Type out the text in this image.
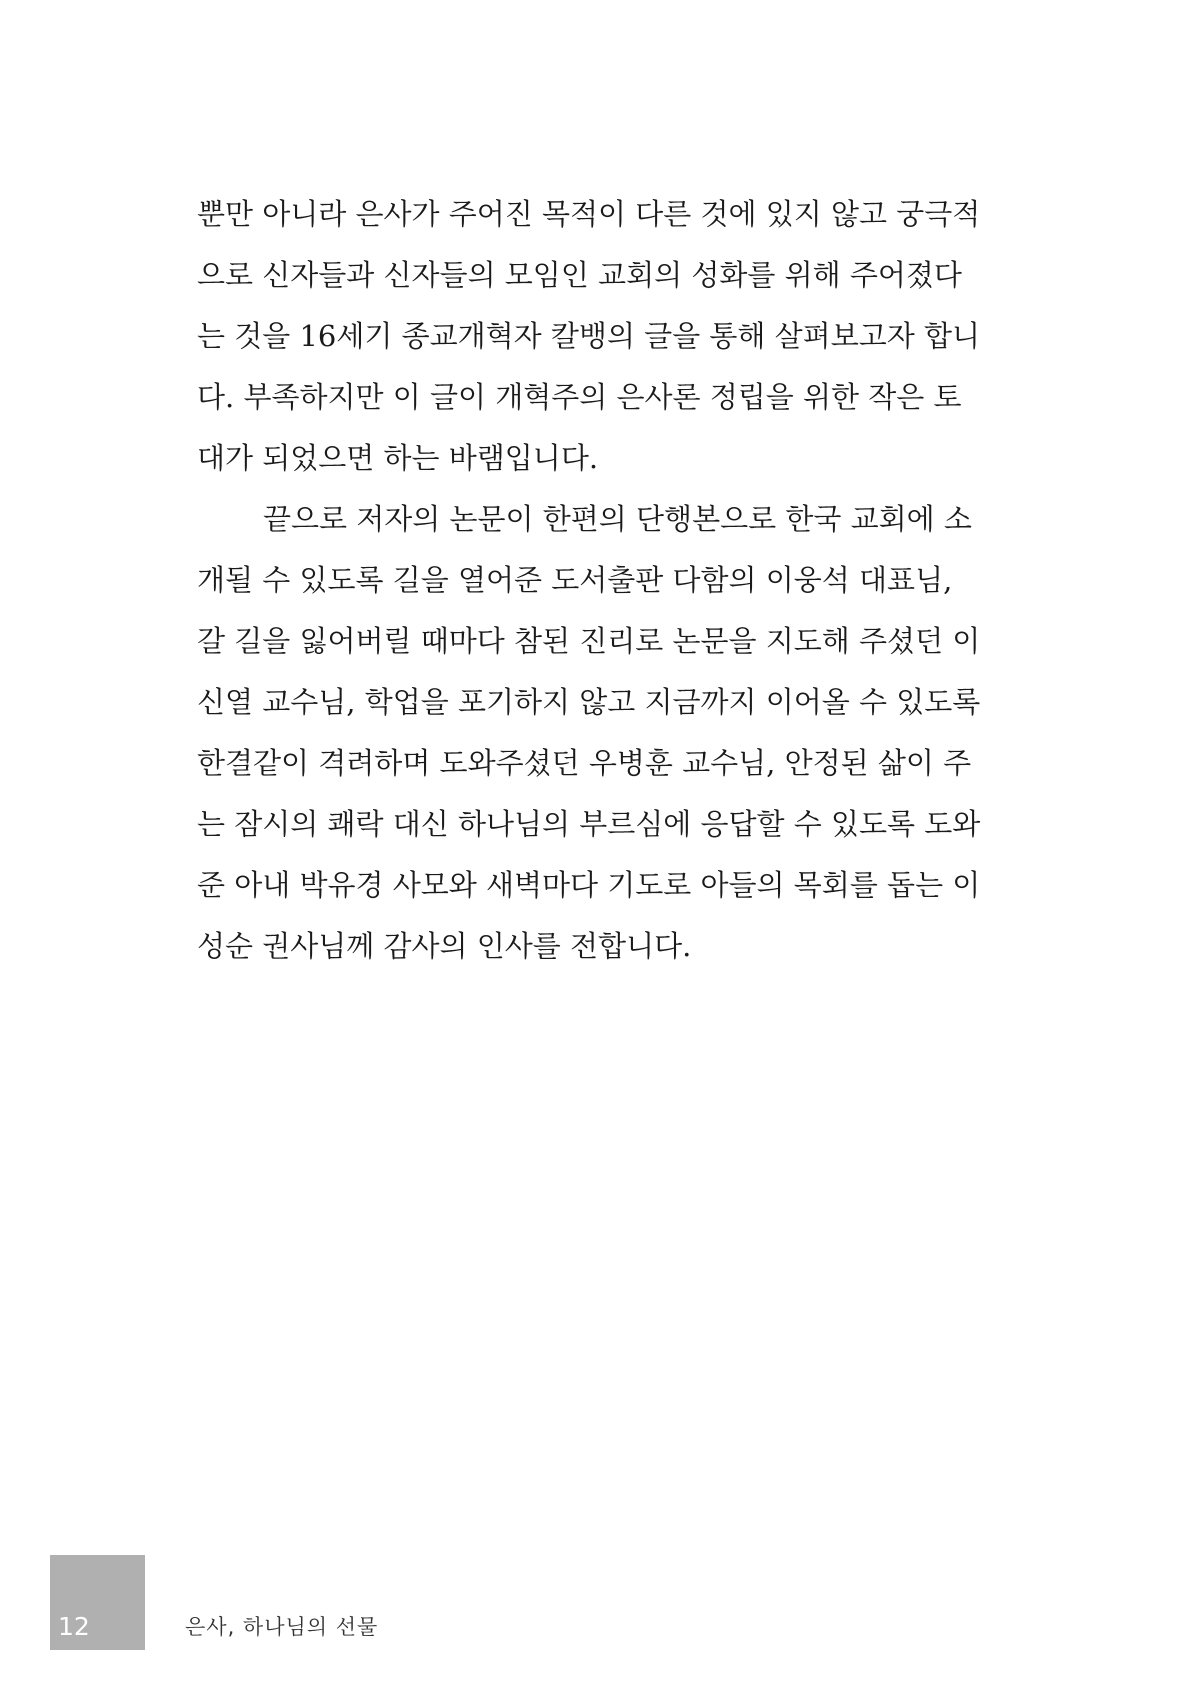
뿐만 아니라 은사가 주어진 목적이 다른 것에 있지 않고 궁극적
으로 신자들과 신자들의 모임인 교회의 성화를 위해 주어졌다
는 것을 16세기 종교개혁자 칼뱅의 글을 통해 살펴보고자 합니
다. 부족하지만 이 글이 개혁주의 은사론 정립을 위한 작은 토
대가 되었으면 하는 바램입니다.
끝으로 저자의 논문이 한편의 단행본으로 한국 교회에 소
개될 수 있도록 길을 열어준 도서출판 다함의 이웅석 대표님,
갈 길을 잃어버릴 때마다 참된 진리로 논문을 지도해 주셨던 이
신열 교수님, 학업을 포기하지 않고 지금까지 이어올 수 있도록
한결같이 격려하며 도와주셨던 우병훈 교수님, 안정된 삶이 주
는 잠시의 쾌락 대신 하나님의 부르심에 응답할 수 있도록 도와
준 아내 박유경 사모와 새벽마다 기도로 아들의 목회를 돕는 이
성순 권사님께 감사의 인사를 전합니다.
12	은사, 하나님의 선물
